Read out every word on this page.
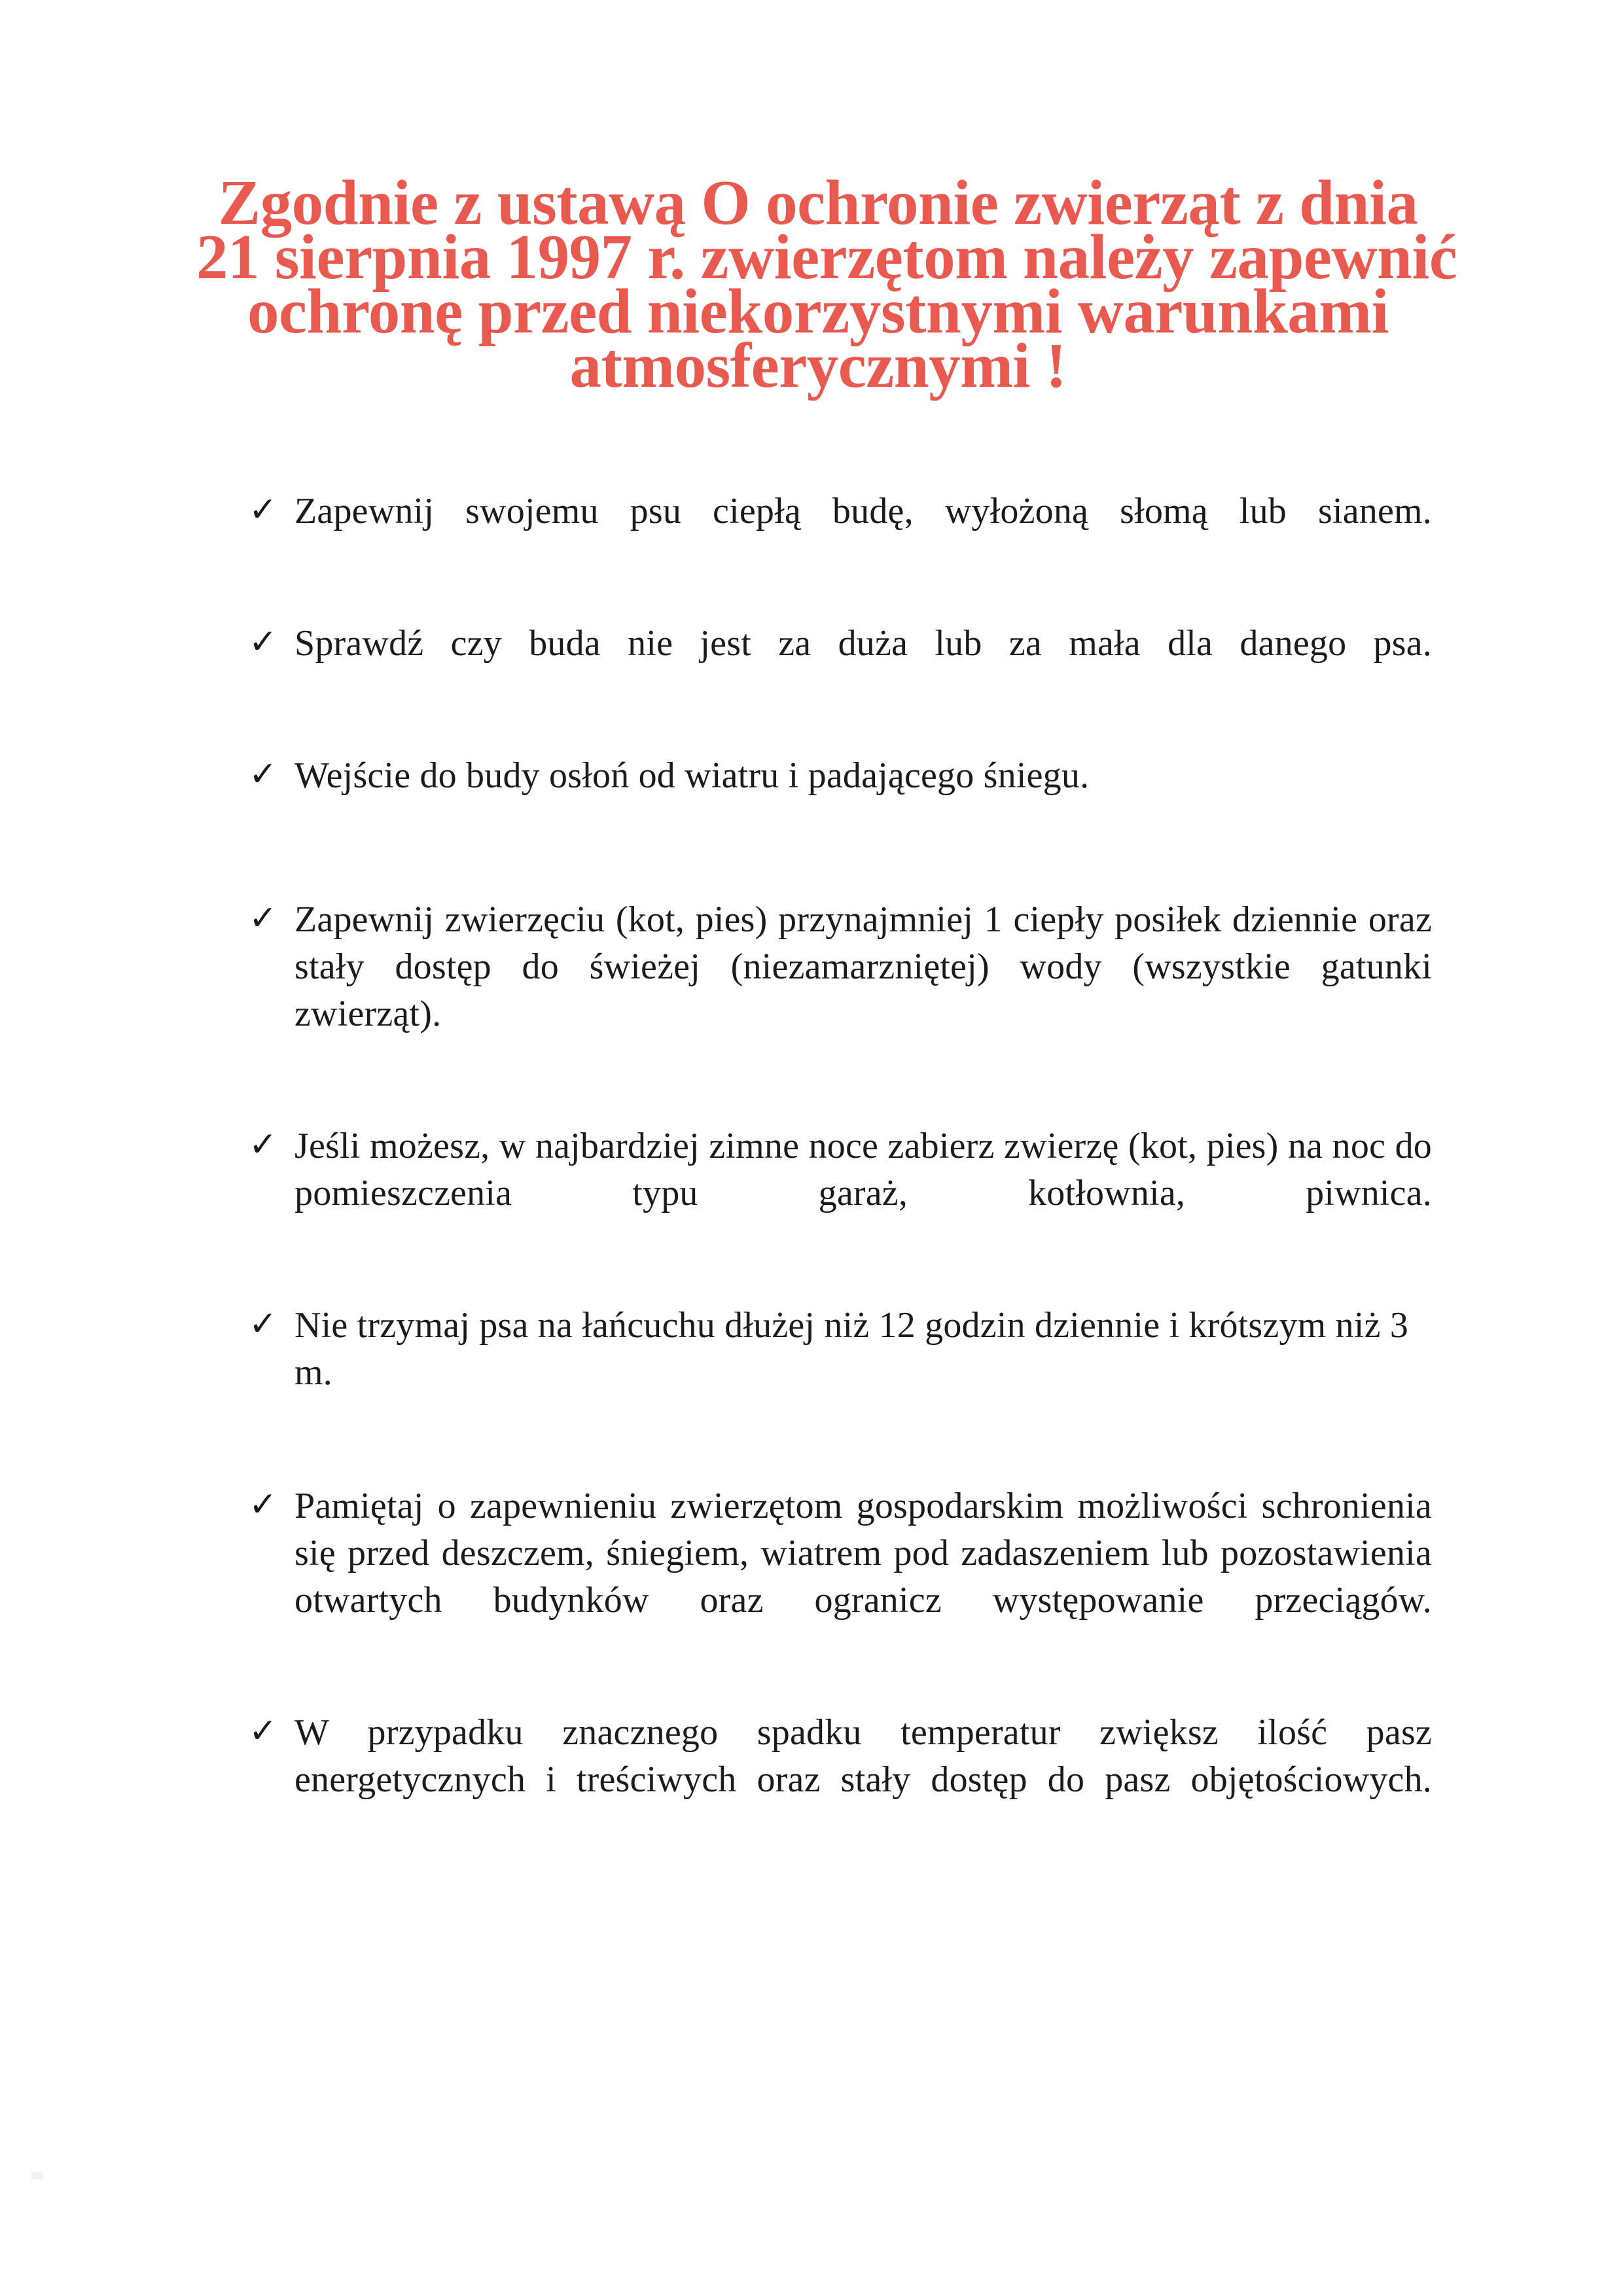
Zgodnie z ustawą O ochronie zwierząt z dnia
21 sierpnia 1997 r. zwierzętom należy zapewnić
ochronę przed niekorzystnymi warunkami
atmosferycznymi !
✓ Zapewnij swojemu psu ciepłą budę, wyłożoną słomą lub sianem.
✓ Sprawdź czy buda nie jest za duża lub za mała dla danego psa.
✓ Wejście do budy osłoń od wiatru i padającego śniegu.
✓ Zapewnij zwierzęciu (kot, pies) przynajmniej 1 ciepły posiłek dziennie oraz stały dostęp do świeżej (niezamarzniętej) wody (wszystkie gatunki zwierząt).
✓ Jeśli możesz, w najbardziej zimne noce zabierz zwierzę (kot, pies) na noc do pomieszczenia typu garaż, kotłownia, piwnica.
✓ Nie trzymaj psa na łańcuchu dłużej niż 12 godzin dziennie i krótszym niż 3 m.
✓ Pamiętaj o zapewnieniu zwierzętom gospodarskim możliwości schronienia się przed deszczem, śniegiem, wiatrem pod zadaszeniem lub pozostawienia otwartych budynków oraz ogranicz występowanie przeciągów.
✓ W przypadku znacznego spadku temperatur zwiększ ilość pasz energetycznych i treściwych oraz stały dostęp do pasz objętościowych.
